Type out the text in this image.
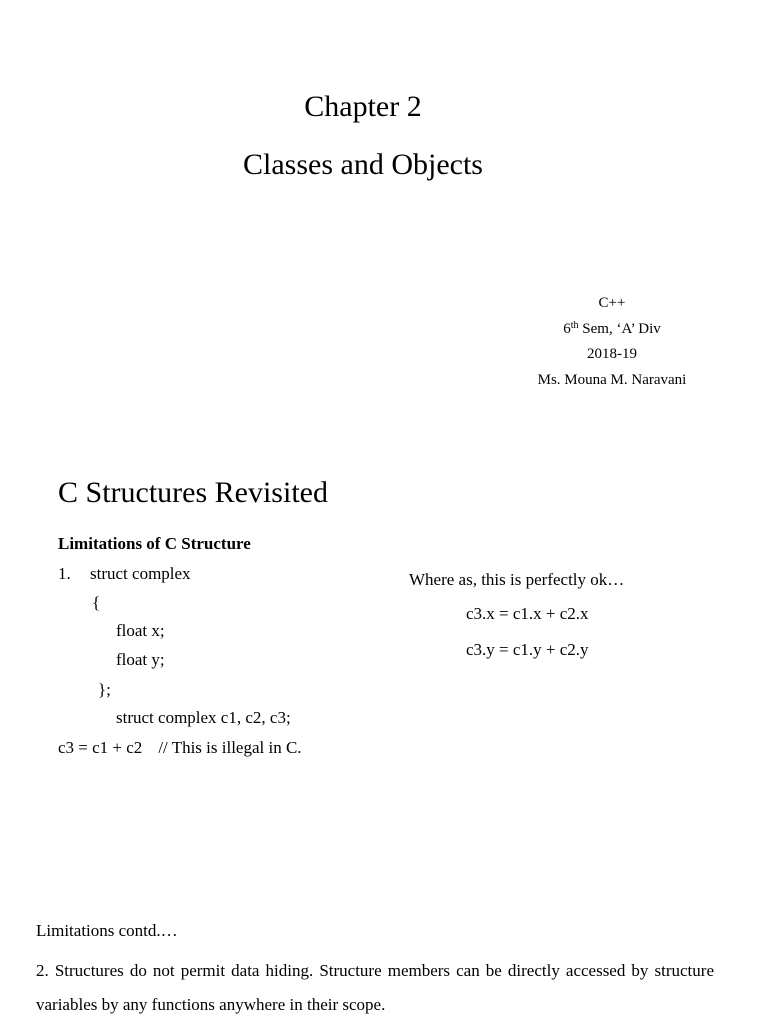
Chapter 2
Classes and Objects
C++
6th Sem, ‘A’ Div
2018-19
Ms. Mouna M. Naravani
C Structures Revisited
Limitations of C Structure
1. struct complex
{
float x;
float y;
};
struct complex c1, c2, c3;
c3 = c1 + c2 // This is illegal in C.
Where as, this is perfectly ok…
c3.x = c1.x + c2.x
c3.y = c1.y + c2.y
Limitations contd.…
2. Structures do not permit data hiding. Structure members can be directly accessed by structure variables by any functions anywhere in their scope.
